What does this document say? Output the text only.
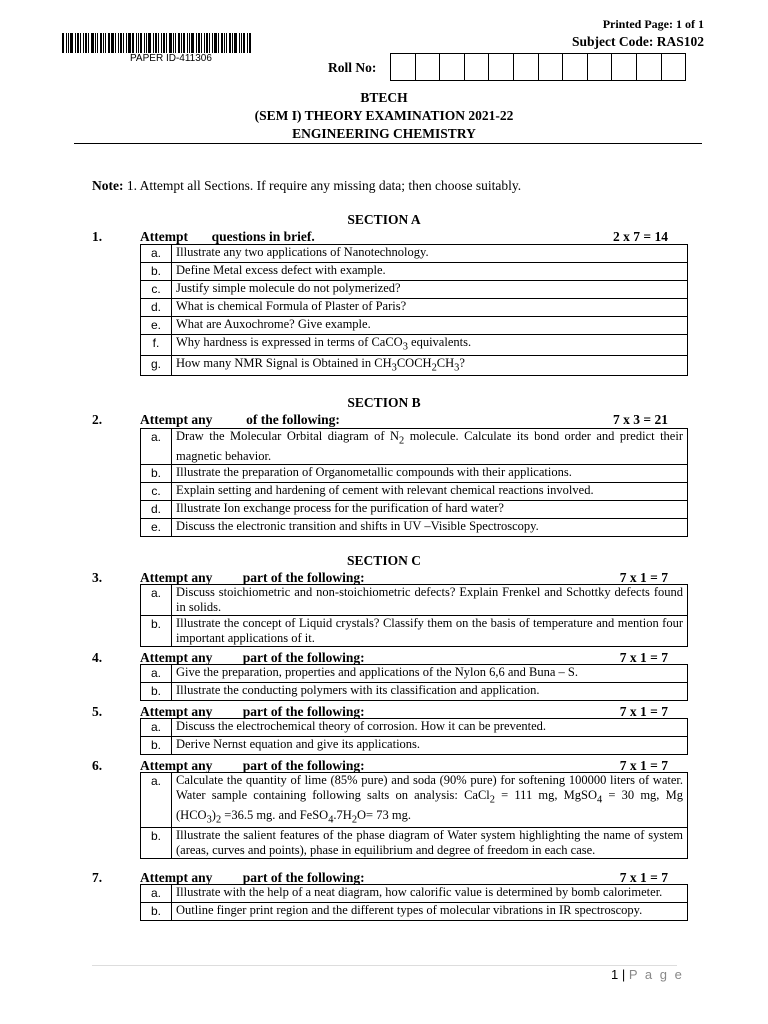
PAPER ID-411306
Printed Page: 1 of 1
Subject Code: RAS102
Roll No:
BTECH
(SEM I) THEORY EXAMINATION 2021-22
ENGINEERING CHEMISTRY
Note: 1. Attempt all Sections. If require any missing data; then choose suitably.
SECTION A
1.	Attempt       questions in brief.	2 x 7 = 14
a.	Illustrate any two applications of Nanotechnology.
b.	Define Metal excess defect with example.
c.	Justify simple molecule do not polymerized?
d.	What is chemical Formula of Plaster of Paris?
e.	What are Auxochrome? Give example.
f.	Why hardness is expressed in terms of CaCO$_3$ equivalents.
g.	How many NMR Signal is Obtained in $CH_3COCH_2CH_3$?
SECTION B
2.	Attempt any          of the following:	7 x 3 = 21
a.	Draw the Molecular Orbital diagram of $N_2$ molecule. Calculate its bond order and predict their magnetic behavior.
b.	Illustrate the preparation of Organometallic compounds with their applications.
c.	Explain setting and hardening of cement with relevant chemical reactions involved.
d.	Illustrate Ion exchange process for the purification of hard water?
e.	Discuss the electronic transition and shifts in UV –Visible Spectroscopy.
SECTION C
3.	Attempt any         part of the following:	7 x 1 = 7
a.	Discuss stoichiometric and non-stoichiometric defects? Explain Frenkel and Schottky defects found in solids.
b.	Illustrate the concept of Liquid crystals? Classify them on the basis of temperature and mention four important applications of it.
4.	Attempt any         part of the following:	7 x 1 = 7
a.	Give the preparation, properties and applications of the Nylon 6,6 and Buna – S.
b.	Illustrate the conducting polymers with its classification and application.
5.	Attempt any         part of the following:	7 x 1 = 7
a.	Discuss the electrochemical theory of corrosion. How it can be prevented.
b.	Derive Nernst equation and give its applications.
6.	Attempt any         part of the following:	7 x 1 = 7
a.	Calculate the quantity of lime (85% pure) and soda (90% pure) for softening 100000 liters of water. Water sample containing following salts on analysis: CaCl$_2$ = 111 mg, MgSO$_4$ = 30 mg, Mg $(HCO_3)_2 =36.5$ mg. and $FeSO_4.7H_2O= 73$ mg.
b.	Illustrate the salient features of the phase diagram of Water system highlighting the name of system (areas, curves and points), phase in equilibrium and degree of freedom in each case.
7.	Attempt any         part of the following:	7 x 1 = 7
a.	Illustrate with the help of a neat diagram, how calorific value is determined by bomb calorimeter.
b.	Outline finger print region and the different types of molecular vibrations in IR spectroscopy.
1 | P a g e
